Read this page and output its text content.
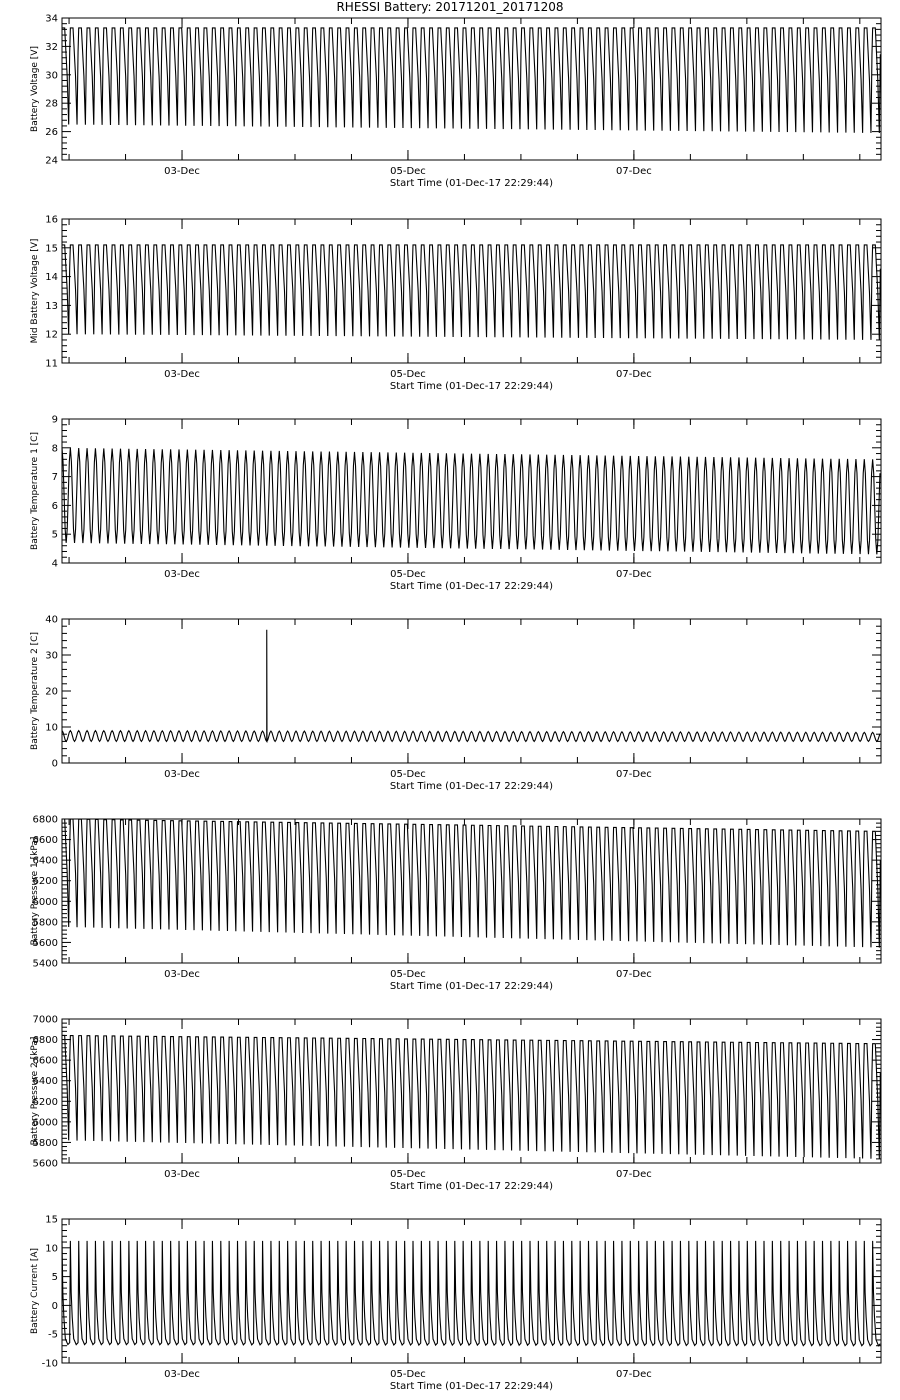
RHESSI Battery: 20171201_20171208
24
26
28
30
32
34
Battery Voltage [V]
03-Dec	05-Dec	07-Dec
Start Time (01-Dec-17 22:29:44)
11
12
13
14
15
16
Mid Battery Voltage [V]
03-Dec	05-Dec	07-Dec
Start Time (01-Dec-17 22:29:44)
4
5
6
7
8
9
Battery Temperature 1 [C]
03-Dec	05-Dec	07-Dec
Start Time (01-Dec-17 22:29:44)
0
10
20
30
40
Battery Temperature 2 [C]
03-Dec	05-Dec	07-Dec
Start Time (01-Dec-17 22:29:44)
5400
5600
5800
6000
6200
6400
6600
6800
Battery Pressure 1 [kPa]
03-Dec	05-Dec	07-Dec
Start Time (01-Dec-17 22:29:44)
5600
5800
6000
6200
6400
6600
6800
7000
Battery Pressure 2 [kPa]
03-Dec	05-Dec	07-Dec
Start Time (01-Dec-17 22:29:44)
-10
-5
0
5
10
15
Battery Current [A]
03-Dec	05-Dec	07-Dec
Start Time (01-Dec-17 22:29:44)
